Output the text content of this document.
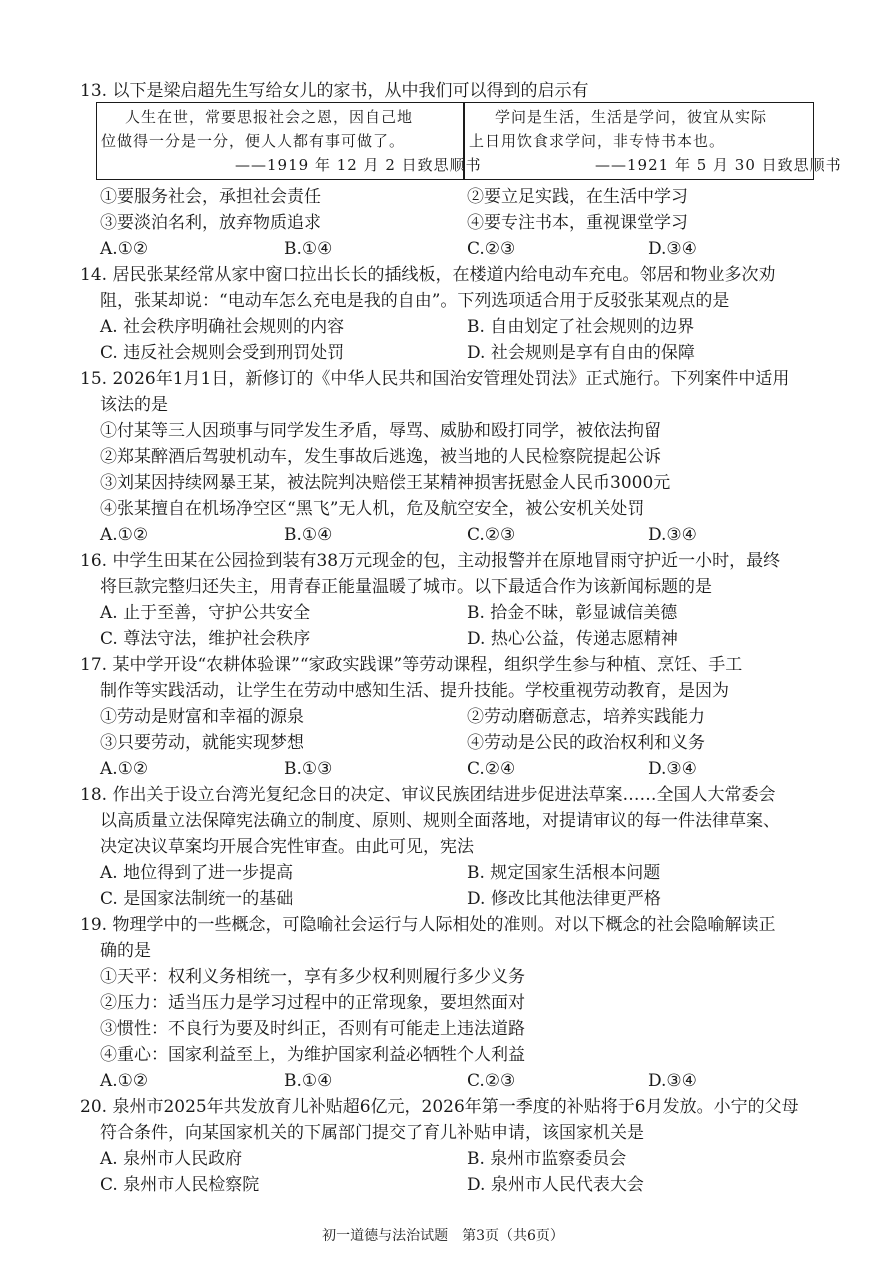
13. 以下是梁启超先生写给女儿的家书，从中我们可以得到的启示有
人生在世，常要思报社会之恩，因自己地
位做得一分是一分，便人人都有事可做了。
——1919 年 12 月 2 日致思顺书
学问是生活，生活是学问，彼宜从实际
上日用饮食求学问，非专恃书本也。
——1921 年 5 月 30 日致思顺书
①要服务社会，承担社会责任	②要立足实践，在生活中学习
③要淡泊名利，放弃物质追求	④要专注书本，重视课堂学习
A.①②	B.①④	C.②③	D.③④
14. 居民张某经常从家中窗口拉出长长的插线板，在楼道内给电动车充电。邻居和物业多次劝
阻，张某却说：“电动车怎么充电是我的自由”。下列选项适合用于反驳张某观点的是
A. 社会秩序明确社会规则的内容	B. 自由划定了社会规则的边界
C. 违反社会规则会受到刑罚处罚	D. 社会规则是享有自由的保障
15. 2026年1月1日，新修订的《中华人民共和国治安管理处罚法》正式施行。下列案件中适用
该法的是
①付某等三人因琐事与同学发生矛盾，辱骂、威胁和殴打同学，被依法拘留
②郑某醉酒后驾驶机动车，发生事故后逃逸，被当地的人民检察院提起公诉
③刘某因持续网暴王某，被法院判决赔偿王某精神损害抚慰金人民币3000元
④张某擅自在机场净空区“黑飞”无人机，危及航空安全，被公安机关处罚
A.①②	B.①④	C.②③	D.③④
16. 中学生田某在公园捡到装有38万元现金的包，主动报警并在原地冒雨守护近一小时，最终
将巨款完整归还失主，用青春正能量温暖了城市。以下最适合作为该新闻标题的是
A. 止于至善，守护公共安全	B. 拾金不昧，彰显诚信美德
C. 尊法守法，维护社会秩序	D. 热心公益，传递志愿精神
17. 某中学开设“农耕体验课”“家政实践课”等劳动课程，组织学生参与种植、烹饪、手工
制作等实践活动，让学生在劳动中感知生活、提升技能。学校重视劳动教育，是因为
①劳动是财富和幸福的源泉	②劳动磨砺意志，培养实践能力
③只要劳动，就能实现梦想	④劳动是公民的政治权利和义务
A.①②	B.①③	C.②④	D.③④
18. 作出关于设立台湾光复纪念日的决定、审议民族团结进步促进法草案……全国人大常委会
以高质量立法保障宪法确立的制度、原则、规则全面落地，对提请审议的每一件法律草案、
决定决议草案均开展合宪性审查。由此可见，宪法
A. 地位得到了进一步提高	B. 规定国家生活根本问题
C. 是国家法制统一的基础	D. 修改比其他法律更严格
19. 物理学中的一些概念，可隐喻社会运行与人际相处的准则。对以下概念的社会隐喻解读正
确的是
①天平：权利义务相统一，享有多少权利则履行多少义务
②压力：适当压力是学习过程中的正常现象，要坦然面对
③惯性：不良行为要及时纠正，否则有可能走上违法道路
④重心：国家利益至上，为维护国家利益必牺牲个人利益
A.①②	B.①④	C.②③	D.③④
20. 泉州市2025年共发放育儿补贴超6亿元，2026年第一季度的补贴将于6月发放。小宁的父母
符合条件，向某国家机关的下属部门提交了育儿补贴申请，该国家机关是
A. 泉州市人民政府	B. 泉州市监察委员会
C. 泉州市人民检察院	D. 泉州市人民代表大会
初一道德与法治试题　第3页（共6页）
